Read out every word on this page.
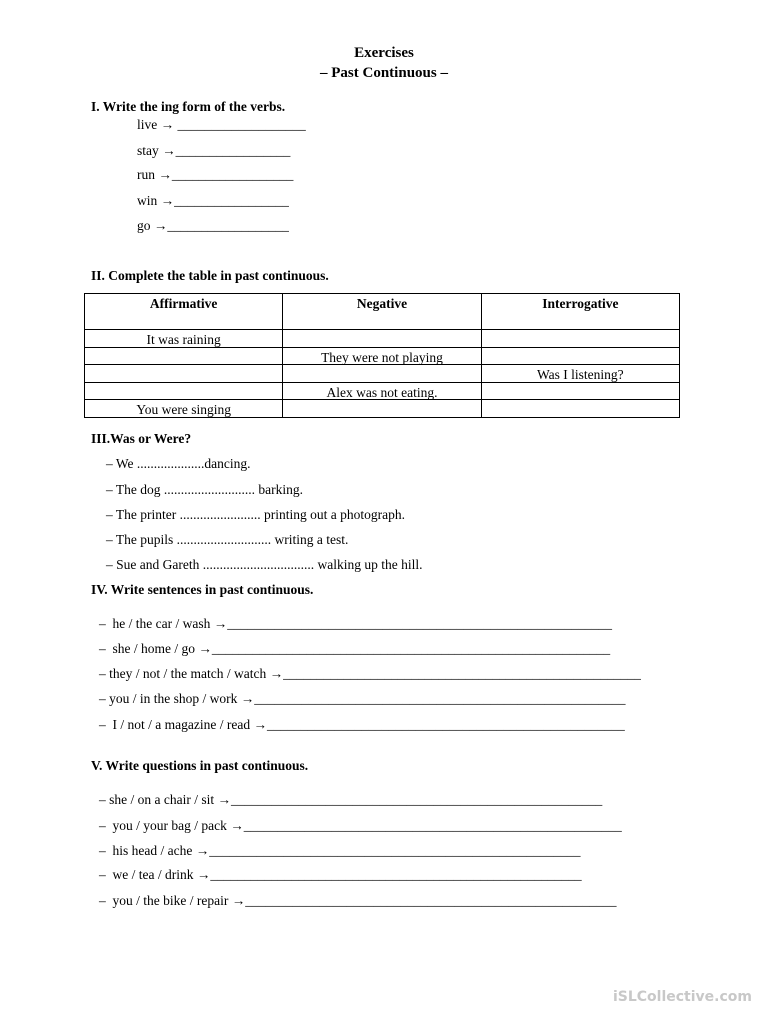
Exercises
– Past Continuous –
I. Write the ing form of the verbs.
live → ___________________
stay →_________________
run →__________________
win →_________________
go →__________________
II. Complete the table in past continuous.
Affirmative	Negative	Interrogative
It was raining		
	They were not playing	
		Was I listening?
	Alex was not eating.	
You were singing		
III.Was or Were?
– We ....................dancing.
– The dog ........................... barking.
– The printer ........................ printing out a photograph.
– The pupils ............................ writing a test.
– Sue and Gareth ................................. walking up the hill.
IV. Write sentences in past continuous.
–  he / the car / wash →_________________________________________________________
–  she / home / go →___________________________________________________________
– they / not / the match / watch →_____________________________________________________
– you / in the shop / work →_______________________________________________________
–  I / not / a magazine / read →_____________________________________________________
V. Write questions in past continuous.
– she / on a chair / sit →_______________________________________________________
–  you / your bag / pack →________________________________________________________
–  his head / ache →_______________________________________________________
–  we / tea / drink →_______________________________________________________
–  you / the bike / repair →_______________________________________________________
iSLCollective.com
